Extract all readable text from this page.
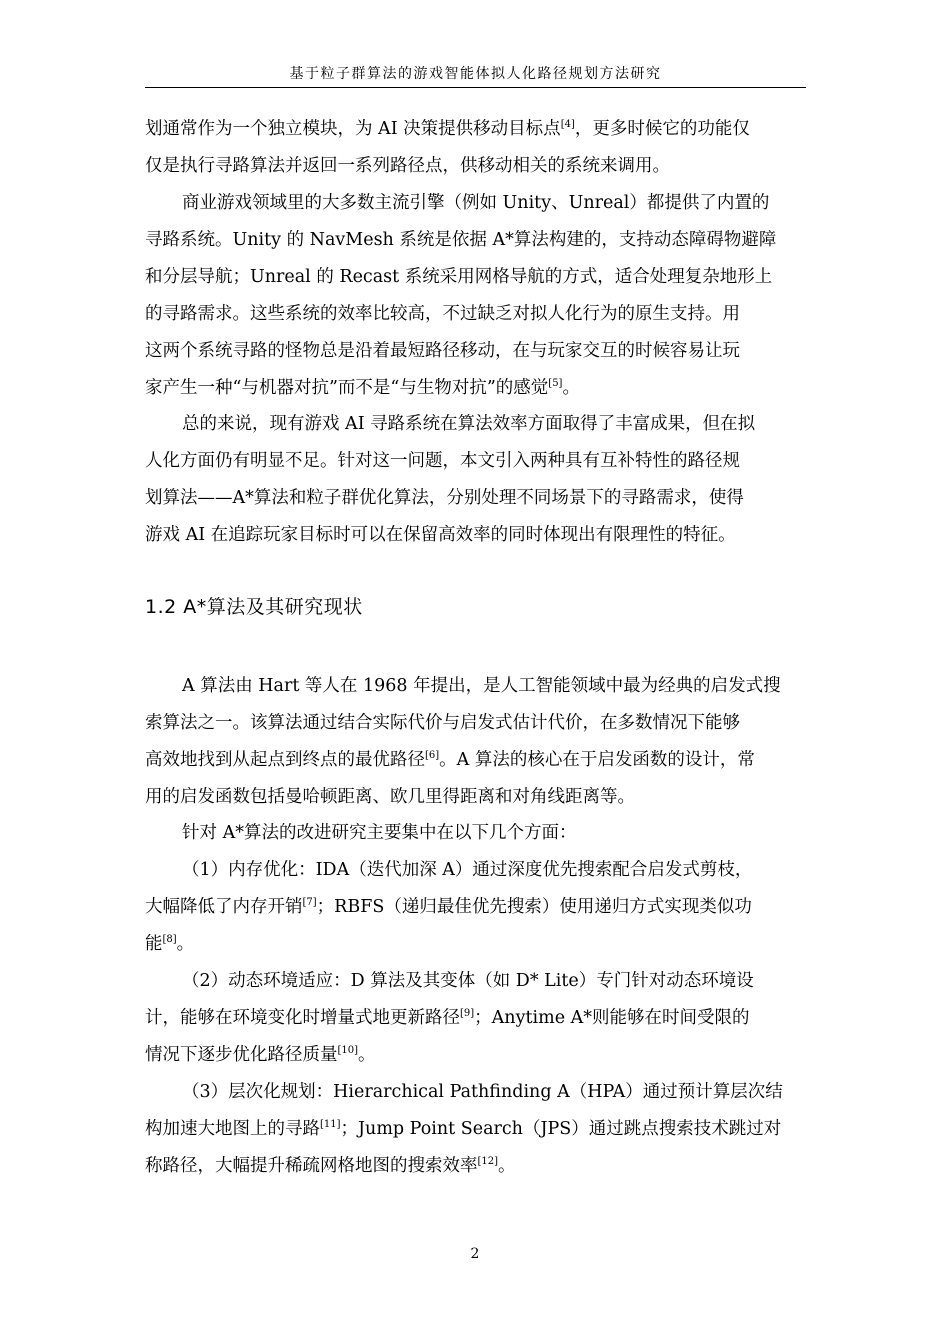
基于粒子群算法的游戏智能体拟人化路径规划方法研究
划通常作为一个独立模块，为 AI 决策提供移动目标点[4]，更多时候它的功能仅
仅是执行寻路算法并返回一系列路径点，供移动相关的系统来调用。
商业游戏领域里的大多数主流引擎（例如 Unity、Unreal）都提供了内置的
寻路系统。Unity 的 NavMesh 系统是依据 A*算法构建的，支持动态障碍物避障
和分层导航；Unreal 的 Recast 系统采用网格导航的方式，适合处理复杂地形上
的寻路需求。这些系统的效率比较高，不过缺乏对拟人化行为的原生支持。用
这两个系统寻路的怪物总是沿着最短路径移动，在与玩家交互的时候容易让玩
家产生一种“与机器对抗”而不是“与生物对抗”的感觉[5]。
总的来说，现有游戏 AI 寻路系统在算法效率方面取得了丰富成果，但在拟
人化方面仍有明显不足。针对这一问题，本文引入两种具有互补特性的路径规
划算法——A*算法和粒子群优化算法，分别处理不同场景下的寻路需求，使得
游戏 AI 在追踪玩家目标时可以在保留高效率的同时体现出有限理性的特征。
1.2 A*算法及其研究现状
A 算法由 Hart 等人在 1968 年提出，是人工智能领域中最为经典的启发式搜
索算法之一。该算法通过结合实际代价与启发式估计代价，在多数情况下能够
高效地找到从起点到终点的最优路径[6]。A 算法的核心在于启发函数的设计，常
用的启发函数包括曼哈顿距离、欧几里得距离和对角线距离等。
针对 A*算法的改进研究主要集中在以下几个方面：
（1）内存优化：IDA（迭代加深 A）通过深度优先搜索配合启发式剪枝，
大幅降低了内存开销[7]；RBFS（递归最佳优先搜索）使用递归方式实现类似功
能[8]。
（2）动态环境适应：D 算法及其变体（如 D* Lite）专门针对动态环境设
计，能够在环境变化时增量式地更新路径[9]；Anytime A*则能够在时间受限的
情况下逐步优化路径质量[10]。
（3）层次化规划：Hierarchical Pathfinding A（HPA）通过预计算层次结
构加速大地图上的寻路[11]；Jump Point Search（JPS）通过跳点搜索技术跳过对
称路径，大幅提升稀疏网格地图的搜索效率[12]。
2
